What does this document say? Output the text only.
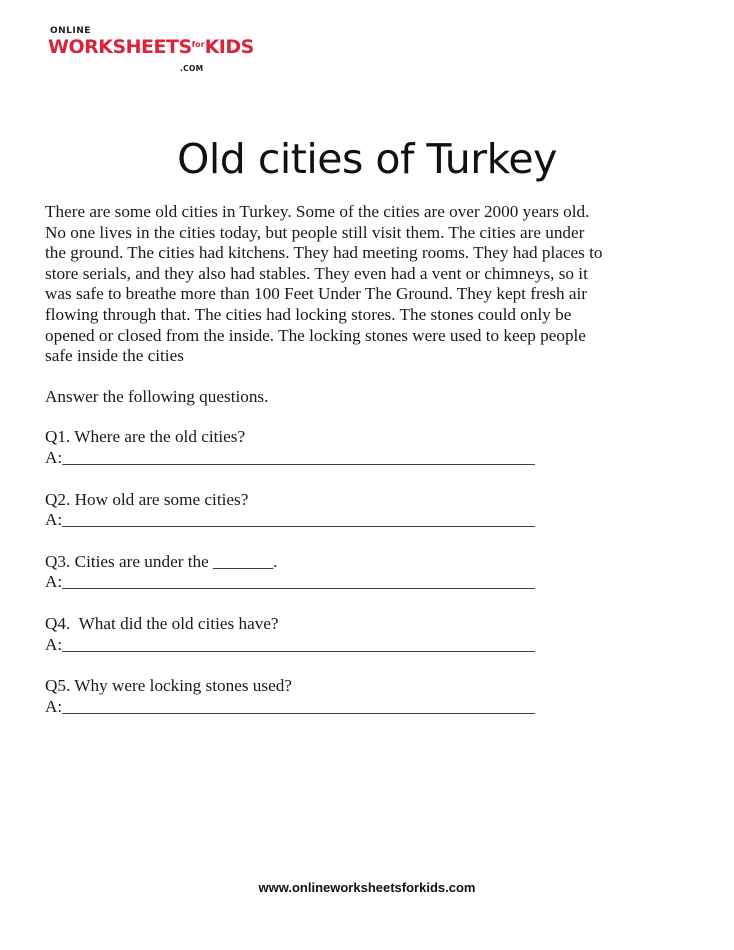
ONLINE
$WORKSHEETS^{for}KIDS$
.COM
Old cities of Turkey

There are some old cities in Turkey. Some of the cities are over 2000 years old.
No one lives in the cities today, but people still visit them. The cities are under
the ground. The cities had kitchens. They had meeting rooms. They had places to
store serials, and they also had stables. They even had a vent or chimneys, so it
was safe to breathe more than 100 Feet Under The Ground. They kept fresh air
flowing through that. The cities had locking stores. The stones could only be
opened or closed from the inside. The locking stones were used to keep people
safe inside the cities

Answer the following questions.

Q1. Where are the old cities?

A:_______________________________________________________

Q2. How old are some cities?

A:_______________________________________________________

Q3. Cities are under the _______.

A:_______________________________________________________

Q4.  What did the old cities have?

A:_______________________________________________________

Q5. Why were locking stones used?

A:_______________________________________________________

www.onlineworksheetsforkids.com
